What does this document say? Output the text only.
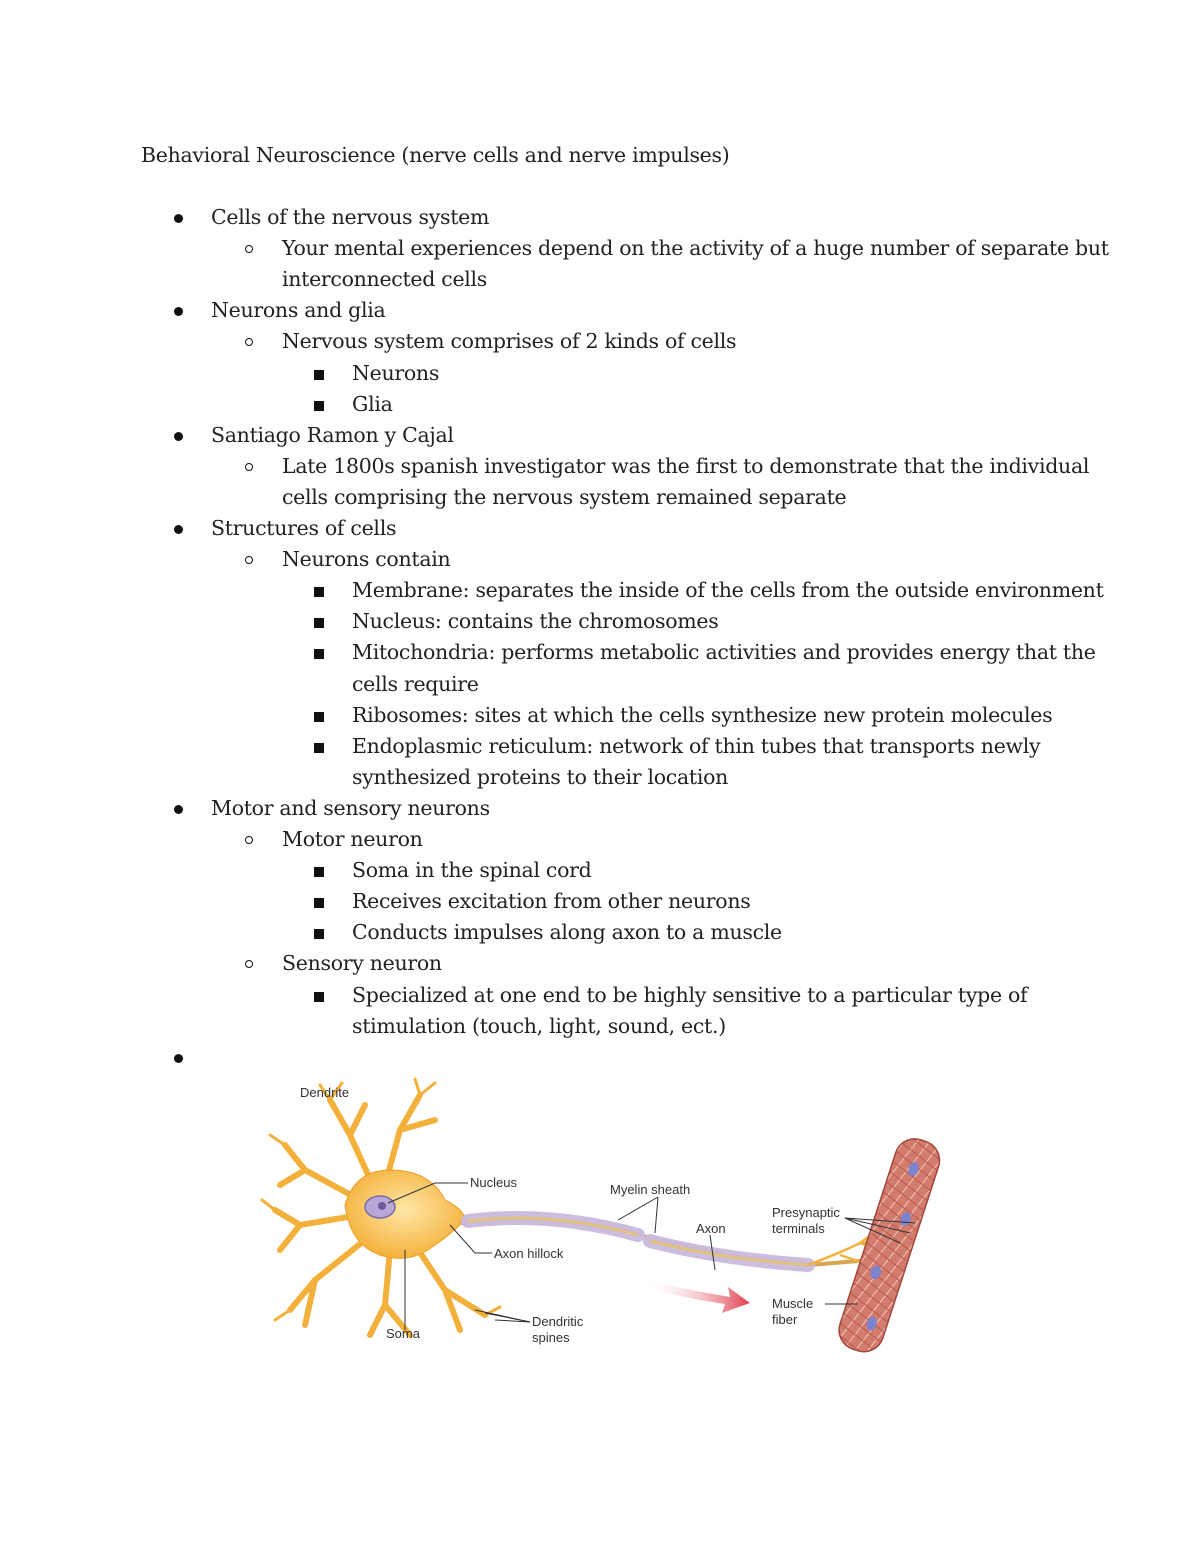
Behavioral Neuroscience (nerve cells and nerve impulses)
Cells of the nervous system
Your mental experiences depend on the activity of a huge number of separate but
interconnected cells
Neurons and glia
Nervous system comprises of 2 kinds of cells
Neurons
Glia
Santiago Ramon y Cajal
Late 1800s spanish investigator was the first to demonstrate that the individual
cells comprising the nervous system remained separate
Structures of cells
Neurons contain
Membrane: separates the inside of the cells from the outside environment
Nucleus: contains the chromosomes
Mitochondria: performs metabolic activities and provides energy that the
cells require
Ribosomes: sites at which the cells synthesize new protein molecules
Endoplasmic reticulum: network of thin tubes that transports newly
synthesized proteins to their location
Motor and sensory neurons
Motor neuron
Soma in the spinal cord
Receives excitation from other neurons
Conducts impulses along axon to a muscle
Sensory neuron
Specialized at one end to be highly sensitive to a particular type of
stimulation (touch, light, sound, ect.)
Dendrite
Nucleus
Axon hillock
Soma
Dendritic
spines
Myelin sheath
Axon
Presynaptic
terminals
Muscle
fiber
